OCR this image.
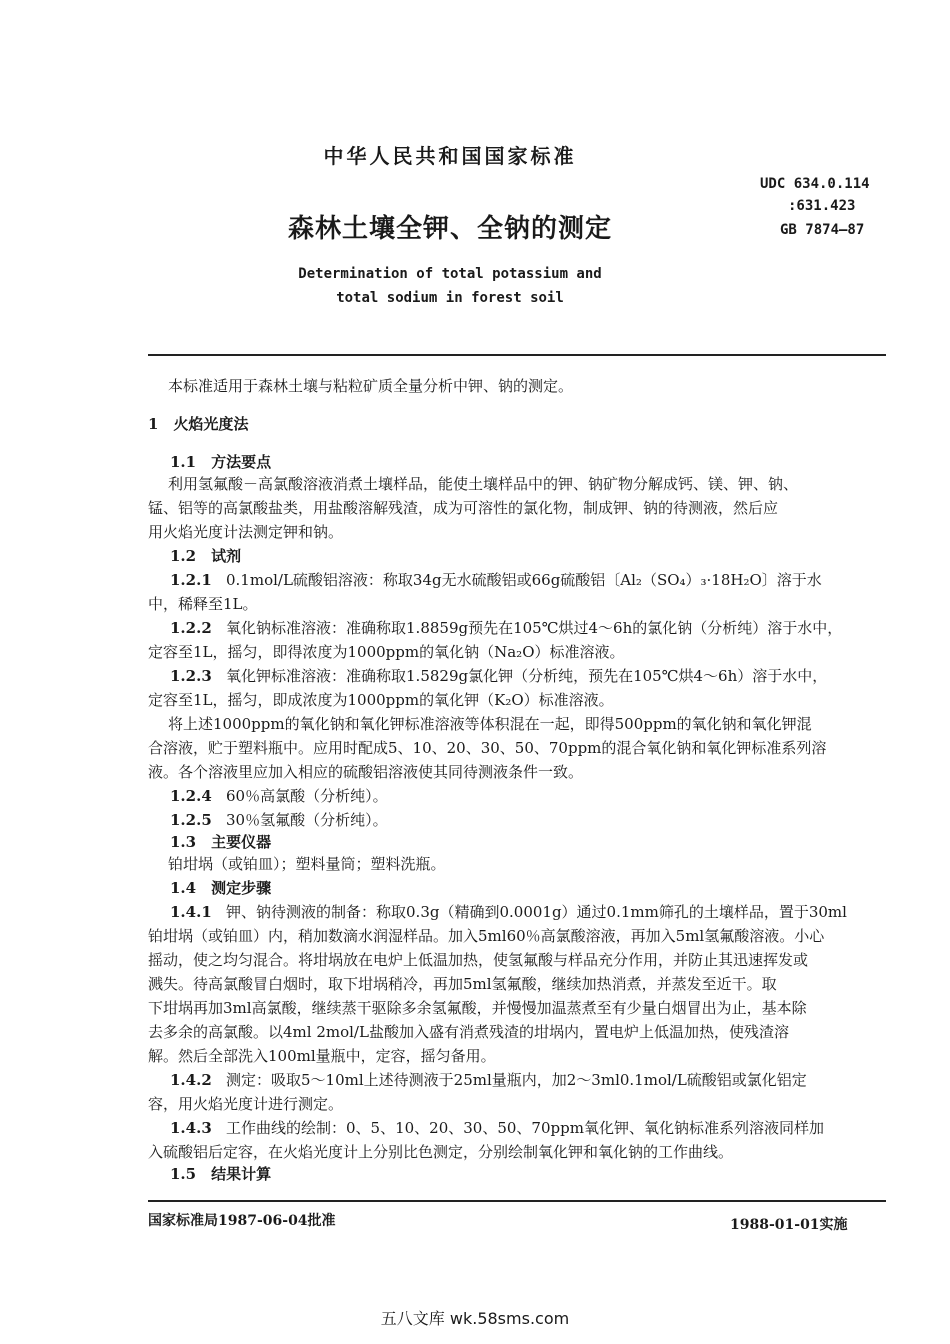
中华人民共和国国家标准
UDC 634.0.114
:631.423
GB 7874—87
森林土壤全钾、全钠的测定
Determination of total potassium and
total sodium in forest soil
本标准适用于森林土壤与粘粒矿质全量分析中钾、钠的测定。
1　火焰光度法
1.1　方法要点
利用氢氟酸－高氯酸溶液消煮土壤样品，能使土壤样品中的钾、钠矿物分解成钙、镁、钾、钠、
锰、铝等的高氯酸盐类，用盐酸溶解残渣，成为可溶性的氯化物，制成钾、钠的待测液，然后应
用火焰光度计法测定钾和钠。
1.2　试剂
1.2.1 0.1mol/L硫酸铝溶液：称取34g无水硫酸铝或66g硫酸铝〔Al₂（SO₄）₃·18H₂O〕溶于水
中，稀释至1L。
1.2.2 氧化钠标准溶液：准确称取1.8859g预先在105℃烘过4～6h的氯化钠（分析纯）溶于水中，
定容至1L，摇匀，即得浓度为1000ppm的氧化钠（Na₂O）标准溶液。
1.2.3 氧化钾标准溶液：准确称取1.5829g氯化钾（分析纯，预先在105℃烘4～6h）溶于水中，
定容至1L，摇匀，即成浓度为1000ppm的氧化钾（K₂O）标准溶液。
将上述1000ppm的氧化钠和氧化钾标准溶液等体积混在一起，即得500ppm的氧化钠和氧化钾混
合溶液，贮于塑料瓶中。应用时配成5、10、20、30、50、70ppm的混合氧化钠和氧化钾标准系列溶
液。各个溶液里应加入相应的硫酸铝溶液使其同待测液条件一致。
1.2.4 60％高氯酸（分析纯）。
1.2.5 30％氢氟酸（分析纯）。
1.3　主要仪器
铂坩埚（或铂皿）；塑料量筒；塑料洗瓶。
1.4　测定步骤
1.4.1 钾、钠待测液的制备：称取0.3g（精确到0.0001g）通过0.1mm筛孔的土壤样品，置于30ml
铂坩埚（或铂皿）内，稍加数滴水润湿样品。加入5ml60％高氯酸溶液，再加入5ml氢氟酸溶液。小心
摇动，使之均匀混合。将坩埚放在电炉上低温加热，使氢氟酸与样品充分作用，并防止其迅速挥发或
溅失。待高氯酸冒白烟时，取下坩埚稍冷，再加5ml氢氟酸，继续加热消煮，并蒸发至近干。取
下坩埚再加3ml高氯酸，继续蒸干驱除多余氢氟酸，并慢慢加温蒸煮至有少量白烟冒出为止，基本除
去多余的高氯酸。以4ml 2mol/L盐酸加入盛有消煮残渣的坩埚内，置电炉上低温加热，使残渣溶
解。然后全部洗入100ml量瓶中，定容，摇匀备用。
1.4.2 测定：吸取5～10ml上述待测液于25ml量瓶内，加2～3ml0.1mol/L硫酸铝或氯化铝定
容，用火焰光度计进行测定。
1.4.3 工作曲线的绘制：0、5、10、20、30、50、70ppm氧化钾、氧化钠标准系列溶液同样加
入硫酸铝后定容，在火焰光度计上分别比色测定，分别绘制氧化钾和氧化钠的工作曲线。
1.5　结果计算
国家标准局1987-06-04批准	1988-01-01实施
五八文库 wk.58sms.com
